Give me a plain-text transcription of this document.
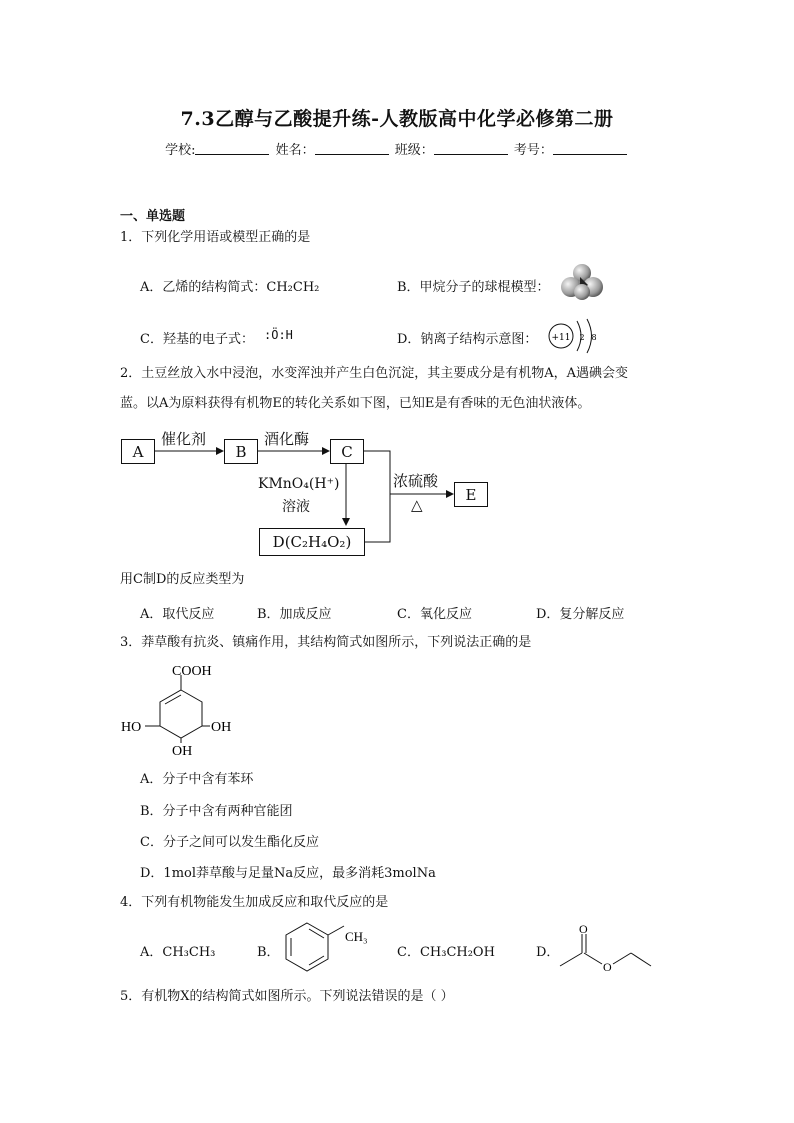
7.3乙醇与乙酸提升练-人教版高中化学必修第二册
学校:	姓名：	班级：	考号：
一、单选题
1．下列化学用语或模型正确的是
A．乙烯的结构简式：CH₂CH₂	B．甲烷分子的球棍模型：
C．羟基的电子式： :Ö:H	D．钠离子结构示意图： +11 2 8
2．土豆丝放入水中浸泡，水变浑浊并产生白色沉淀，其主要成分是有机物A，A遇碘会变
蓝。以A为原料获得有机物E的转化关系如下图，已知E是有香味的无色油状液体。
A	B	C
D(C₂H₄O₂)
E
催化剂	酒化酶
KMnO₄(H⁺)
溶液
浓硫酸
△
用C制D的反应类型为
A．取代反应	B．加成反应	C．氧化反应	D．复分解反应
3．莽草酸有抗炎、镇痛作用，其结构简式如图所示，下列说法正确的是
COOH
HO	OH
OH
A．分子中含有苯环
B．分子中含有两种官能团
C．分子之间可以发生酯化反应
D．1mol莽草酸与足量Na反应，最多消耗3molNa
4．下列有机物能发生加成反应和取代反应的是
A．CH₃CH₃	B．
CH₃
C．CH₃CH₂OH	D．
O
O
5．有机物X的结构简式如图所示。下列说法错误的是（ ）
